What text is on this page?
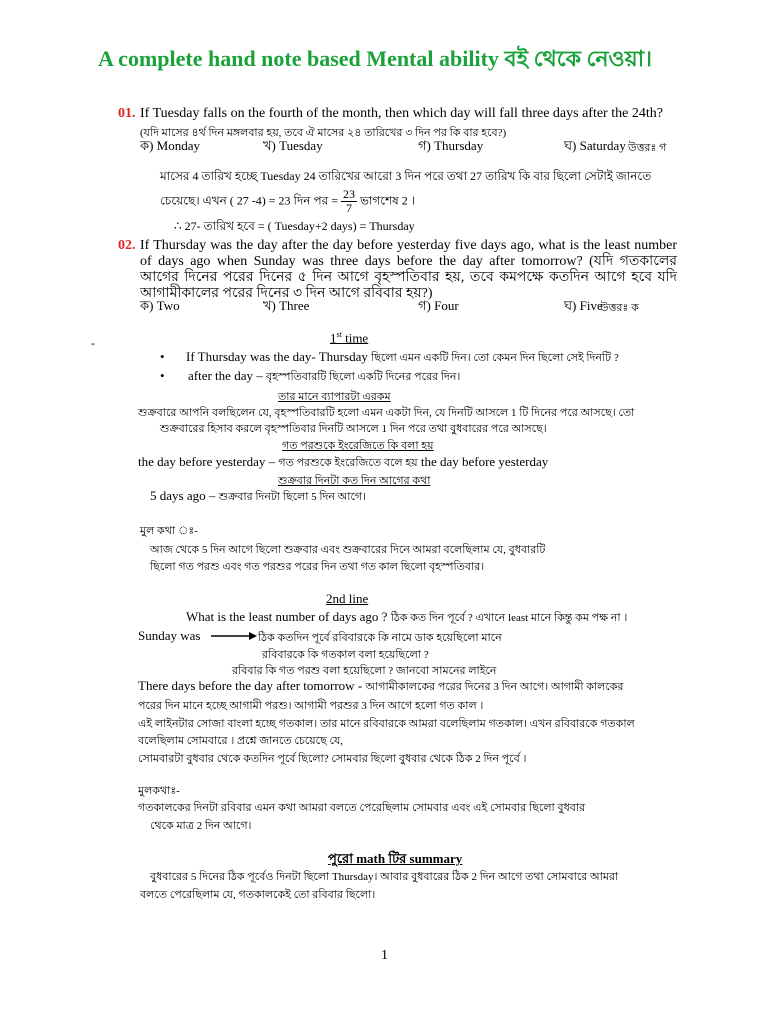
A complete hand note based Mental ability বই থেকে নেওয়া।
01. If Tuesday falls on the fourth of the month, then which day will fall three days after the 24th?
(যদি মাসের ৪র্থ দিন মঙ্গলবার হয়, তবে ঐ মাসের ২৪ তারিখের ৩ দিন পর কি বার হবে?)
ক) Monday	খ) Tuesday	গ) Thursday	ঘ) Saturday উত্তরঃ গ
মাসের 4 তারিখ হচ্ছে Tuesday 24 তারিখের আরো 3 দিন পরে তথা 27 তারিখ কি বার ছিলো সেটাই জানতে
চেয়েছে। এখন ( 27 -4) = 23 দিন পর = $\frac{23}{7}$ ভাগশেষ 2 ।
∴ 27- তারিখ হবে = ( Tuesday+2 days) = Thursday
02. If Thursday was the day after the day before yesterday five days ago, what is the least number of days ago when Sunday was three days before the day after tomorrow? (যদি গতকালের আগের দিনের পরের দিনের ৫ দিন আগে বৃহস্পতিবার হয়, তবে কমপক্ষে কতদিন আগে হবে যদি আগামীকালের পরের দিনের ৩ দিন আগে রবিবার হয়?)
ক) Two	খ) Three	গ) Four	ঘ) Five
উত্তরঃ ক
-	1st time
• If Thursday was the day- Thursday ছিলো এমন একটি দিন। তো কেমন দিন ছিলো সেই দিনটি ?
• after the day – বৃহস্পতিবারটি ছিলো একটি দিনের পরের দিন।
তার মানে ব্যাপারটা এরকম
শুক্রবারে আপনি বলছিলেন যে, বৃহস্পতিবারটি হলো এমন একটা দিন, যে দিনটি আসলে 1 টি দিনের পরে আসছে। তো
শুক্রবারের হিসাব করলে বৃহস্পতিবার দিনটি আসলে 1 দিন পরে তথা বুধবারের পরে আসছে।
গত পরশুকে ইংরেজিতে কি বলা হয়
the day before yesterday – গত পরশুকে ইংরেজিতে বলে হয় the day before yesterday
শুক্রবার দিনটা কত দিন আগের কথা
5 days ago – শুক্রবার দিনটা ছিলো 5 দিন আগে।
মুল কথা ঃ-
আজ থেকে 5 দিন আগে ছিলো শুক্রবার এবং শুক্রবারের দিনে আমরা বলেছিলাম যে, বুধবারটি
ছিলো গত পরশু এবং গত পরশুর পরের দিন তথা গত কাল ছিলো বৃহস্পতিবার।
2nd line
What is the least number of days ago ? ঠিক কত দিন পূর্বে ? এখানে least মানে কিন্তু কম পক্ষ না ।
Sunday was	ঠিক কতদিন পূর্বে রবিবারকে কি নামে ডাক হয়েছিলো মানে
রবিবারকে কি গতকাল বলা হয়েছিলো ?
রবিবার কি গত পরশু বলা হয়েছিলো ? জানবো সামনের লাইনে
There days before the day after tomorrow - আগামীকালকের পরের দিনের 3 দিন আগে। আগামী কালকের
পরের দিন মানে হচ্ছে আগামী পরশু। আগামী পরশুর 3 দিন আগে হলো গত কাল ।
এই লাইনটার সোজা বাংলা হচ্ছে গতকাল। তার মানে রবিবারকে আমরা বলেছিলাম গতকাল। এখন রবিবারকে গতকাল
বলেছিলাম সোমবারে । প্রশ্নে জানতে চেয়েছে যে,
সোমবারটা বুধবার থেকে কতদিন পূর্বে ছিলো? সোমবার ছিলো বুধবার থেকে ঠিক 2 দিন পূর্বে ।
মুলকথাঃ-
গতকালকের দিনটা রবিবার এমন কথা আমরা বলতে পেরেছিলাম সোমবার এবং এই সোমবার ছিলো বুধবার
থেকে মাত্র 2 দিন আগে।
পুরো math টির summary
বুধবারের 5 দিনের ঠিক পূর্বেও দিনটা ছিলো Thursday। আবার বুধবারের ঠিক 2 দিন আগে তথা সোমবারে আমরা
বলতে পেরেছিলাম যে, গতকালকেই তো রবিবার ছিলো।
1
